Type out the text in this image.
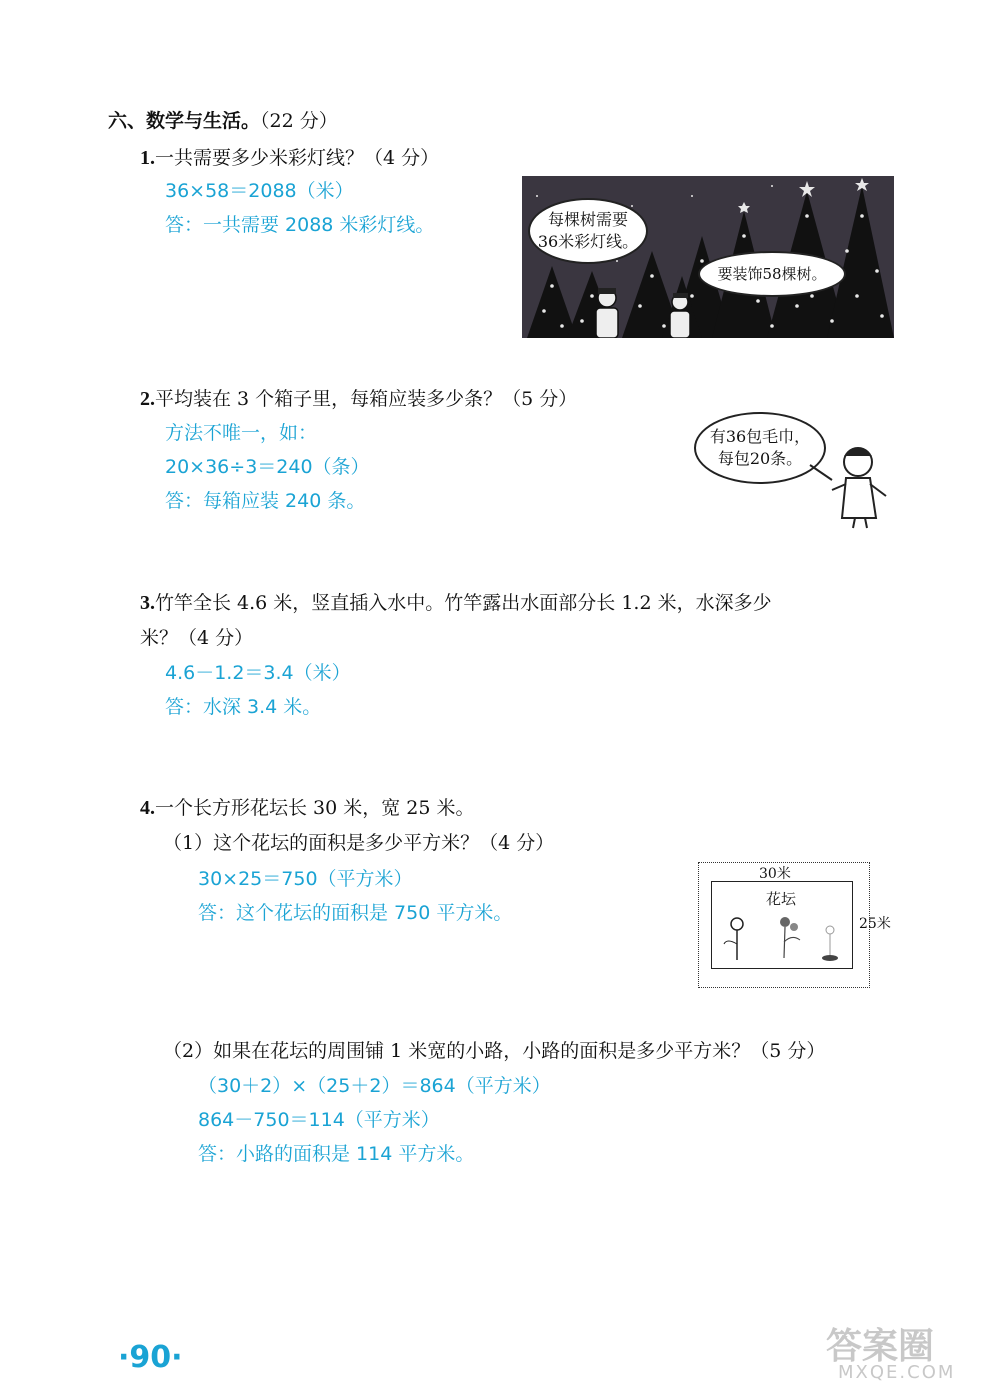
六、数学与生活。（22 分）
1.一共需要多少米彩灯线？（4 分）
36×58＝2088（米）
答：一共需要 2088 米彩灯线。	每棵树需要
36米彩灯线。
要装饰58棵树。
2.平均装在 3 个箱子里，每箱应装多少条？（5 分）
方法不唯一，如：
20×36÷3＝240（条）
答：每箱应装 240 条。
有36包毛巾，
每包20条。
3.竹竿全长 4.6 米，竖直插入水中。竹竿露出水面部分长 1.2 米，水深多少
米？（4 分）
4.6－1.2＝3.4（米）
答：水深 3.4 米。
4.一个长方形花坛长 30 米，宽 25 米。
（1）这个花坛的面积是多少平方米？（4 分）
30×25＝750（平方米）
答：这个花坛的面积是 750 平方米。
30米
花坛
25米
（2）如果在花坛的周围铺 1 米宽的小路，小路的面积是多少平方米？（5 分）
（30＋2）×（25＋2）＝864（平方米）
864－750＝114（平方米）
答：小路的面积是 114 平方米。
·90·	答案圈
MXQE.COM
